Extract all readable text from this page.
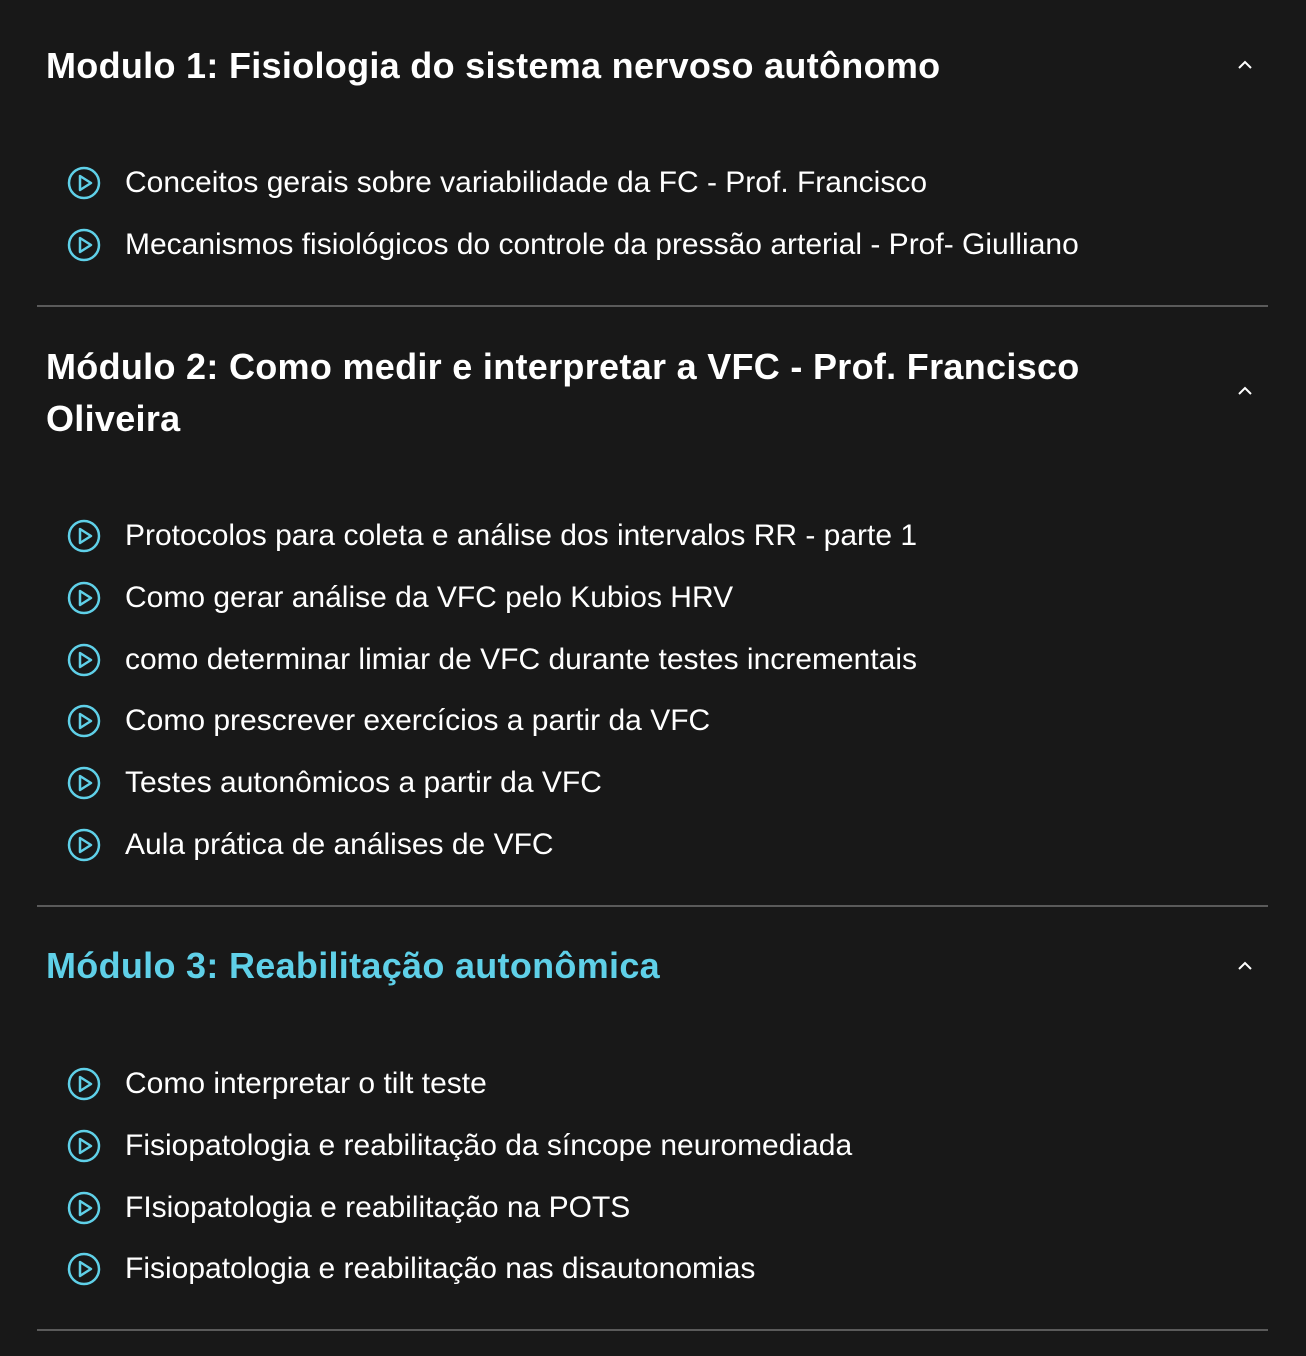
Modulo 1: Fisiologia do sistema nervoso autônomo
Conceitos gerais sobre variabilidade da FC - Prof. Francisco
Mecanismos fisiológicos do controle da pressão arterial - Prof- Giulliano
Módulo 2: Como medir e interpretar a VFC - Prof. Francisco Oliveira
Protocolos para coleta e análise dos intervalos RR - parte 1
Como gerar análise da VFC pelo Kubios HRV
como determinar limiar de VFC durante testes incrementais
Como prescrever exercícios a partir da VFC
Testes autonômicos a partir da VFC
Aula prática de análises de VFC
Módulo 3: Reabilitação autonômica
Como interpretar o tilt teste
Fisiopatologia e reabilitação da síncope neuromediada
FIsiopatologia e reabilitação na POTS
Fisiopatologia e reabilitação nas disautonomias
